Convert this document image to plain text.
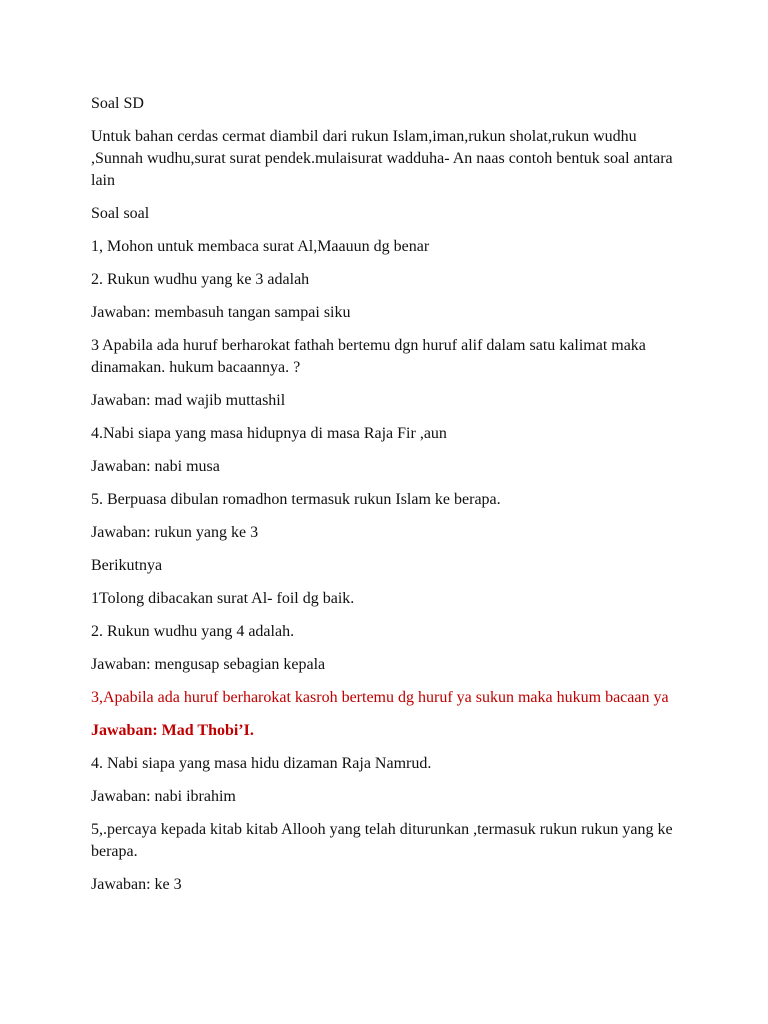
Soal SD

Untuk bahan cerdas cermat diambil dari rukun Islam,iman,rukun sholat,rukun wudhu ,Sunnah wudhu,surat surat pendek.mulaisurat wadduha- An naas contoh bentuk soal antara lain

Soal soal

1, Mohon untuk membaca surat Al,Maauun dg benar

2. Rukun wudhu yang ke 3 adalah

Jawaban: membasuh tangan sampai siku

3 Apabila ada huruf berharokat fathah bertemu dgn huruf alif dalam satu kalimat maka dinamakan. hukum bacaannya. ?

Jawaban: mad wajib muttashil

4.Nabi siapa yang masa hidupnya di masa Raja Fir ,aun

Jawaban: nabi musa

5. Berpuasa dibulan romadhon termasuk rukun Islam ke berapa.

Jawaban: rukun yang ke 3

Berikutnya

1Tolong dibacakan surat Al- foil dg baik.

2. Rukun wudhu yang 4 adalah.

Jawaban: mengusap sebagian kepala

3,Apabila ada huruf berharokat kasroh bertemu dg huruf ya sukun maka hukum bacaan ya

Jawaban: Mad Thobi’I.

4. Nabi siapa yang masa hidu dizaman Raja Namrud.

Jawaban: nabi ibrahim

5,.percaya kepada kitab kitab Allooh yang telah diturunkan ,termasuk rukun rukun yang ke berapa.

Jawaban: ke 3
